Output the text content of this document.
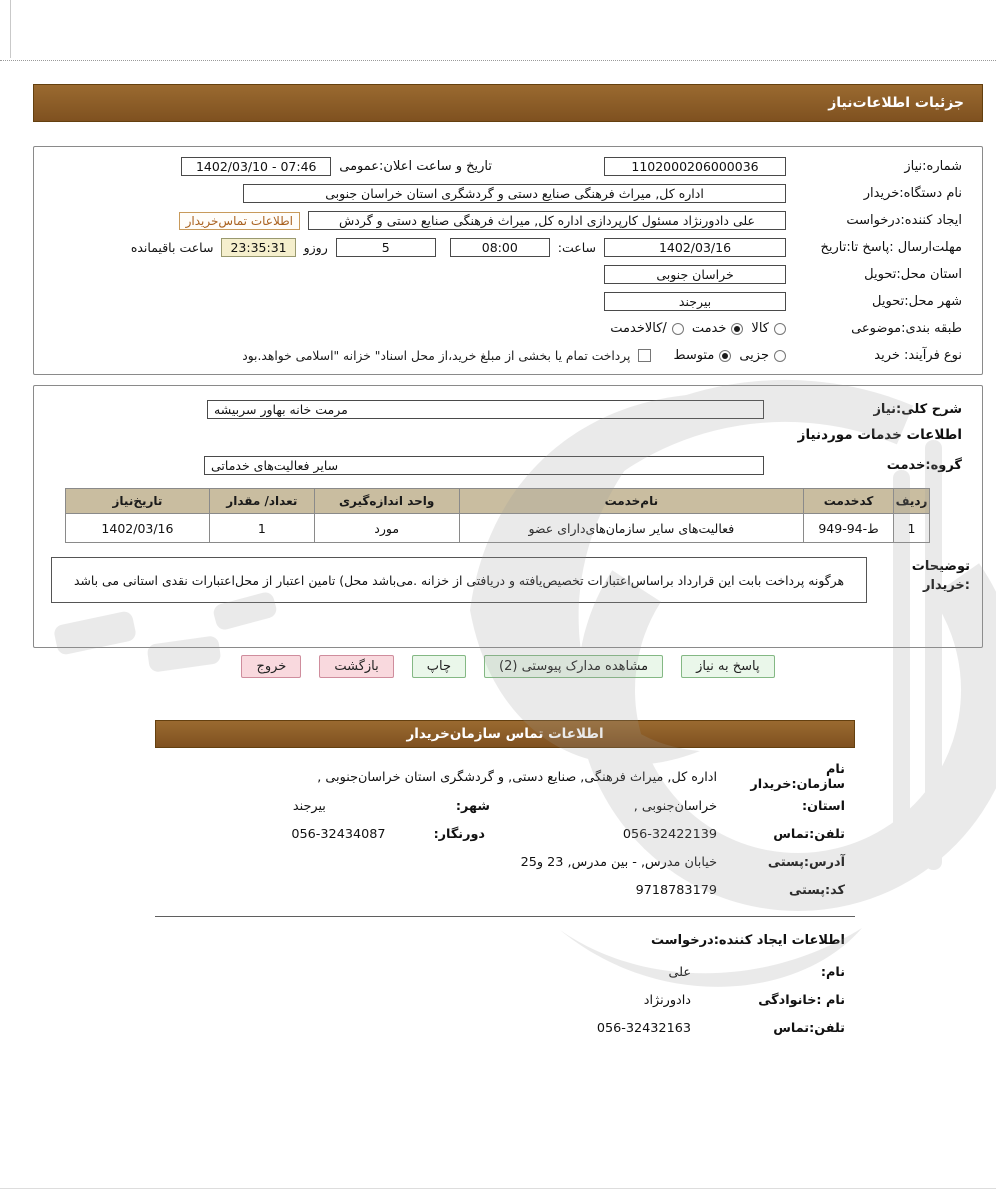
جزئیات اطلاعات‌نیاز
شماره:نیاز
1102000206000036
تاریخ و ساعت اعلان:عمومی
1402/03/10 - 07:46
نام دستگاه:خریدار
اداره کل, میراث فرهنگی صنایع دستی و گردشگری استان خراسان جنوبی
ایجاد کننده:درخواست
علی دادورنژاد مسئول کارپردازی اداره کل, میراث فرهنگی صنایع دستی و گردش
اطلاعات تماس‌خریدار
مهلت‌ارسال :پاسخ تا:تاریخ
1402/03/16
ساعت:
08:00
5
روزو
23:35:31
ساعت باقیمانده
استان محل:تحویل
خراسان جنوبی
شهر محل:تحویل
بیرجند
طبقه بندی:موضوعی
کالا
خدمت
/کالاخدمت
نوع فرآیند: خرید
جزیی
متوسط
پرداخت تمام یا بخشی از مبلغ خرید،از محل اسناد" خزانه "اسلامی خواهد.بود
شرح کلی:نیاز
مرمت خانه بهاور سربیشه
اطلاعات خدمات موردنیاز
گروه:خدمت
سایر فعالیت‌های خدماتی
ردیف	کدخدمت	نام‌خدمت	واحد اندازه‌گیری	تعداد/ مقدار	تاریخ‌نیاز
1	ط-94-949	فعالیت‌های سایر سازمان‌های‌دارای عضو	مورد	1	1402/03/16
توضیحات
:خریدار
هرگونه پرداخت بابت این قرارداد براساس‌اعتبارات تخصیص‌یافته و دریافتی از خزانه .می‌باشد محل) تامین اعتبار از محل‌اعتبارات نقدی استانی می باشد
پاسخ به نیاز
مشاهده مدارک پیوستی (2)
چاپ
بازگشت
خروج
اطلاعات تماس سازمان‌خریدار
نام سازمان:خریدار
اداره کل, میراث فرهنگی, صنایع دستی, و گردشگری استان خراسان‌جنوبی ,
استان:
خراسان‌جنوبی ,
شهر:
بیرجند
تلفن:تماس
056-32422139
دورنگار:
056-32434087
آدرس:پستی
خیابان مدرس, - بین مدرس, 23 و25
کد:پستی
9718783179
اطلاعات ایجاد کننده:درخواست
نام:
علی
نام :خانوادگی
دادورنژاد
تلفن:تماس
056-32432163
